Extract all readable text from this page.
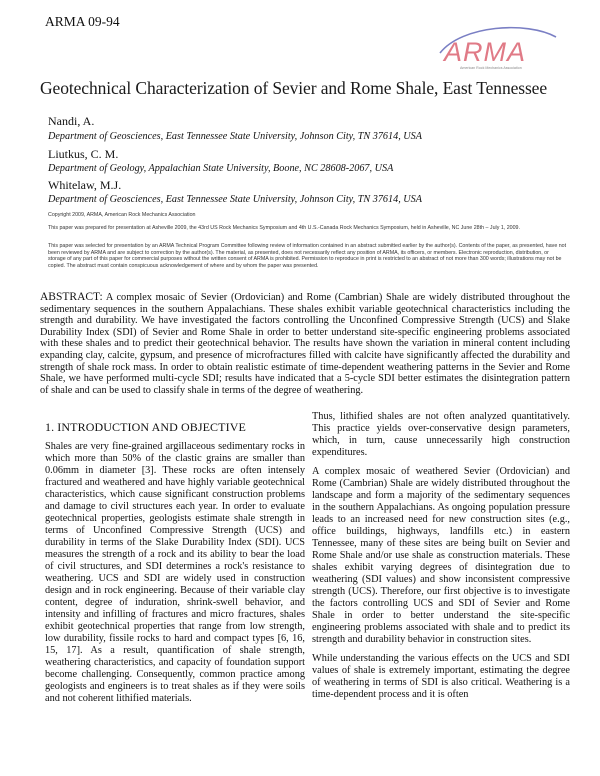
ARMA 09-94
ARMA
American Rock Mechanics Association
Geotechnical Characterization of Sevier and Rome Shale, East Tennessee
Nandi, A.
Department of Geosciences, East Tennessee State University, Johnson City, TN 37614, USA
Liutkus, C. M.
Department of Geology, Appalachian State University, Boone, NC 28608-2067, USA
Whitelaw, M.J.
Department of Geosciences, East Tennessee State University, Johnson City, TN 37614, USA
Copyright 2009, ARMA, American Rock Mechanics Association
This paper was prepared for presentation at Asheville 2009, the 43rd US Rock Mechanics Symposium and 4th U.S.-Canada Rock Mechanics Symposium, held in Asheville, NC June 28th – July 1, 2009.
This paper was selected for presentation by an ARMA Technical Program Committee following review of information contained in an abstract submitted earlier by the author(s). Contents of the paper, as presented, have not been reviewed by ARMA and are subject to correction by the author(s). The material, as presented, does not necessarily reflect any position of ARMA, its officers, or members. Electronic reproduction, distribution, or storage of any part of this paper for commercial purposes without the written consent of ARMA is prohibited. Permission to reproduce in print is restricted to an abstract of not more than 300 words; illustrations may not be copied. The abstract must contain conspicuous acknowledgement of where and by whom the paper was presented.
ABSTRACT: A complex mosaic of Sevier (Ordovician) and Rome (Cambrian) Shale are widely distributed throughout the sedimentary sequences in the southern Appalachians. These shales exhibit variable geotechnical characteristics including the strength and durability. We have investigated the factors controlling the Unconfined Compressive Strength (UCS) and Slake Durability Index (SDI) of Sevier and Rome Shale in order to better understand site-specific engineering problems associated with these shales and to predict their geotechnical behavior. The results have shown the variation in mineral content including expanding clay, calcite, gypsum, and presence of microfractures filled with calcite have significantly affected the durability and strength of shale rock mass. In order to obtain realistic estimate of time-dependent weathering patterns in the Sevier and Rome Shale, we have performed multi-cycle SDI; results have indicated that a 5-cycle SDI better estimates the disintegration pattern of shale and can be used to classify shale in terms of the degree of weathering.
1. INTRODUCTION AND OBJECTIVE

Shales are very fine-grained argillaceous sedimentary rocks in which more than 50% of the clastic grains are smaller than 0.06mm in diameter [3]. These rocks are often intensely fractured and weathered and have highly variable geotechnical characteristics, which cause significant construction problems and damage to civil structures each year. In order to evaluate geotechnical properties, geologists estimate shale strength in terms of Unconfined Compressive Strength (UCS) and durability in terms of the Slake Durability Index (SDI). UCS measures the strength of a rock and its ability to bear the load of civil structures, and SDI determines a rock's resistance to weathering. UCS and SDI are widely used in construction design and in rock engineering. Because of their variable clay content, degree of induration, shrink-swell behavior, and intensity and infilling of fractures and micro fractures, shales exhibit geotechnical properties that range from low strength, low durability, fissile rocks to hard and compact types [6, 16, 15, 17]. As a result, quantification of shale strength, weathering characteristics, and capacity of foundation support become challenging. Consequently, common practice among geologists and engineers is to treat shales as if they were soils and not coherent lithified materials.

Thus, lithified shales are not often analyzed quantitatively. This practice yields over-conservative design parameters, which, in turn, cause unnecessarily high construction expenditures.

A complex mosaic of weathered Sevier (Ordovician) and Rome (Cambrian) Shale are widely distributed throughout the landscape and form a majority of the sedimentary sequences in the southern Appalachians. As ongoing population pressure leads to an increased need for new construction sites (e.g., office buildings, highways, landfills etc.) in eastern Tennessee, many of these sites are being built on Sevier and Rome Shale and/or use shale as construction materials. These shales exhibit varying degrees of disintegration due to weathering (SDI values) and show inconsistent compressive strength (UCS). Therefore, our first objective is to investigate the factors controlling UCS and SDI of Sevier and Rome Shale in order to better understand the site-specific engineering problems associated with shale and to predict its strength and durability behavior in construction sites.

While understanding the various effects on the UCS and SDI values of shale is extremely important, estimating the degree of weathering in terms of SDI is also critical. Weathering is a time-dependent process and it is often
